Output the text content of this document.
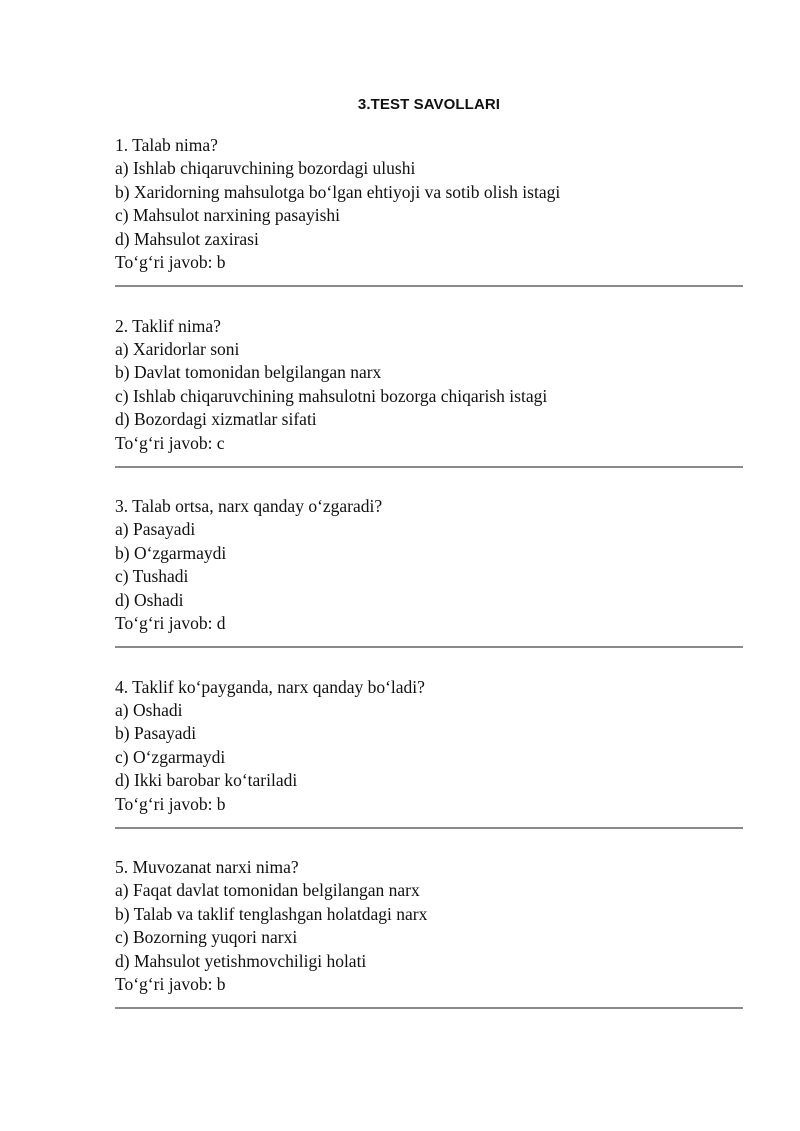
3.TEST SAVOLLARI
1. Talab nima?
a) Ishlab chiqaruvchining bozordagi ulushi
b) Xaridorning mahsulotga bo‘lgan ehtiyoji va sotib olish istagi
c) Mahsulot narxining pasayishi
d) Mahsulot zaxirasi
To‘g‘ri javob: b
2. Taklif nima?
a) Xaridorlar soni
b) Davlat tomonidan belgilangan narx
c) Ishlab chiqaruvchining mahsulotni bozorga chiqarish istagi
d) Bozordagi xizmatlar sifati
To‘g‘ri javob: c
3. Talab ortsa, narx qanday o‘zgaradi?
a) Pasayadi
b) O‘zgarmaydi
c) Tushadi
d) Oshadi
To‘g‘ri javob: d
4. Taklif ko‘payganda, narx qanday bo‘ladi?
a) Oshadi
b) Pasayadi
c) O‘zgarmaydi
d) Ikki barobar ko‘tariladi
To‘g‘ri javob: b
5. Muvozanat narxi nima?
a) Faqat davlat tomonidan belgilangan narx
b) Talab va taklif tenglashgan holatdagi narx
c) Bozorning yuqori narxi
d) Mahsulot yetishmovchiligi holati
To‘g‘ri javob: b
